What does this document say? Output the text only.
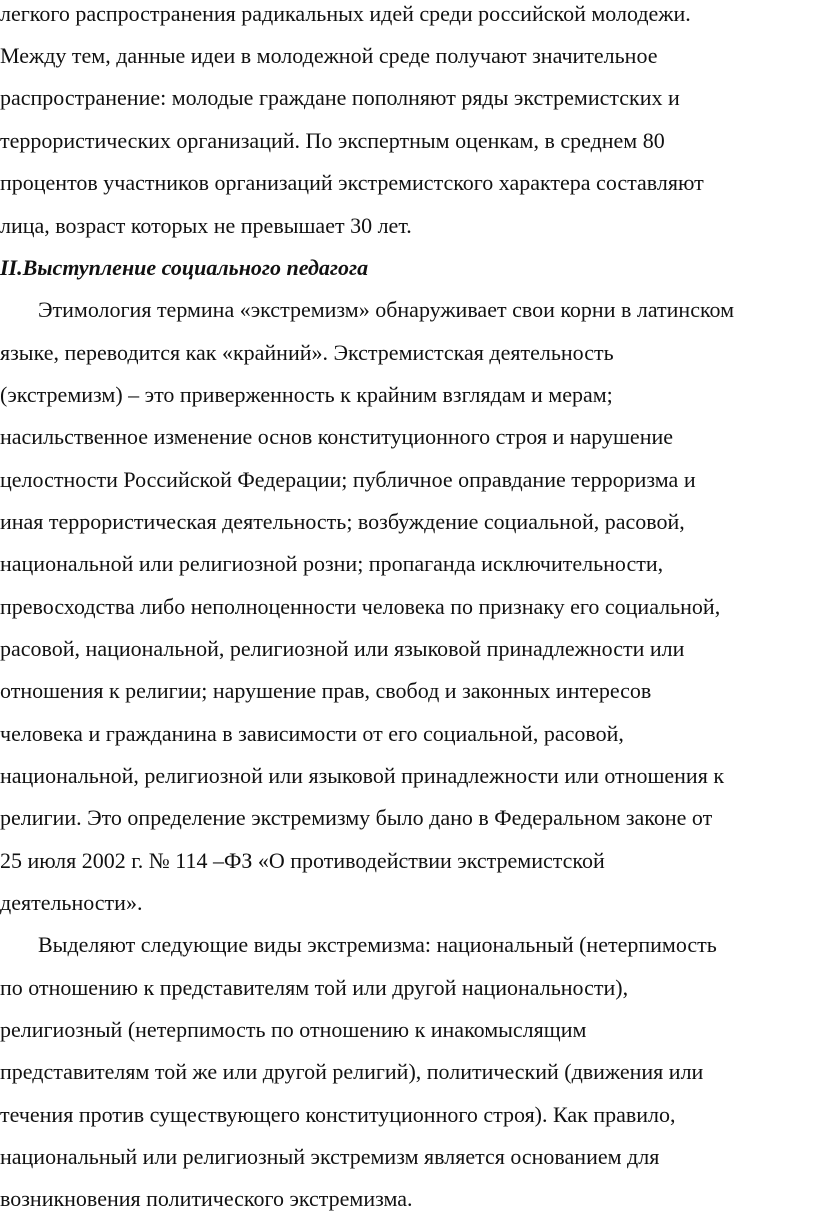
легкого распространения радикальных идей среди российской молодежи.
Между тем, данные идеи в молодежной среде получают значительное
распространение: молодые граждане пополняют ряды экстремистских и
террористических организаций. По экспертным оценкам, в среднем 80
процентов участников организаций экстремистского характера составляют
лица, возраст которых не превышает 30 лет.
II.Выступление социального педагога
Этимология термина «экстремизм» обнаруживает свои корни в латинском
языке, переводится как «крайний». Экстремистская деятельность
(экстремизм) – это приверженность к крайним взглядам и мерам;
насильственное изменение основ конституционного строя и нарушение
целостности Российской Федерации; публичное оправдание терроризма и
иная террористическая деятельность; возбуждение социальной, расовой,
национальной или религиозной розни; пропаганда исключительности,
превосходства либо неполноценности человека по признаку его социальной,
расовой, национальной, религиозной или языковой принадлежности или
отношения к религии; нарушение прав, свобод и законных интересов
человека и гражданина в зависимости от его социальной, расовой,
национальной, религиозной или языковой принадлежности или отношения к
религии. Это определение экстремизму было дано в Федеральном законе от
25 июля 2002 г. № 114 –ФЗ «О противодействии экстремистской
деятельности».
Выделяют следующие виды экстремизма: национальный (нетерпимость
по отношению к представителям той или другой национальности),
религиозный (нетерпимость по отношению к инакомыслящим
представителям той же или другой религий), политический (движения или
течения против существующего конституционного строя). Как правило,
национальный или религиозный экстремизм является основанием для
возникновения политического экстремизма.
